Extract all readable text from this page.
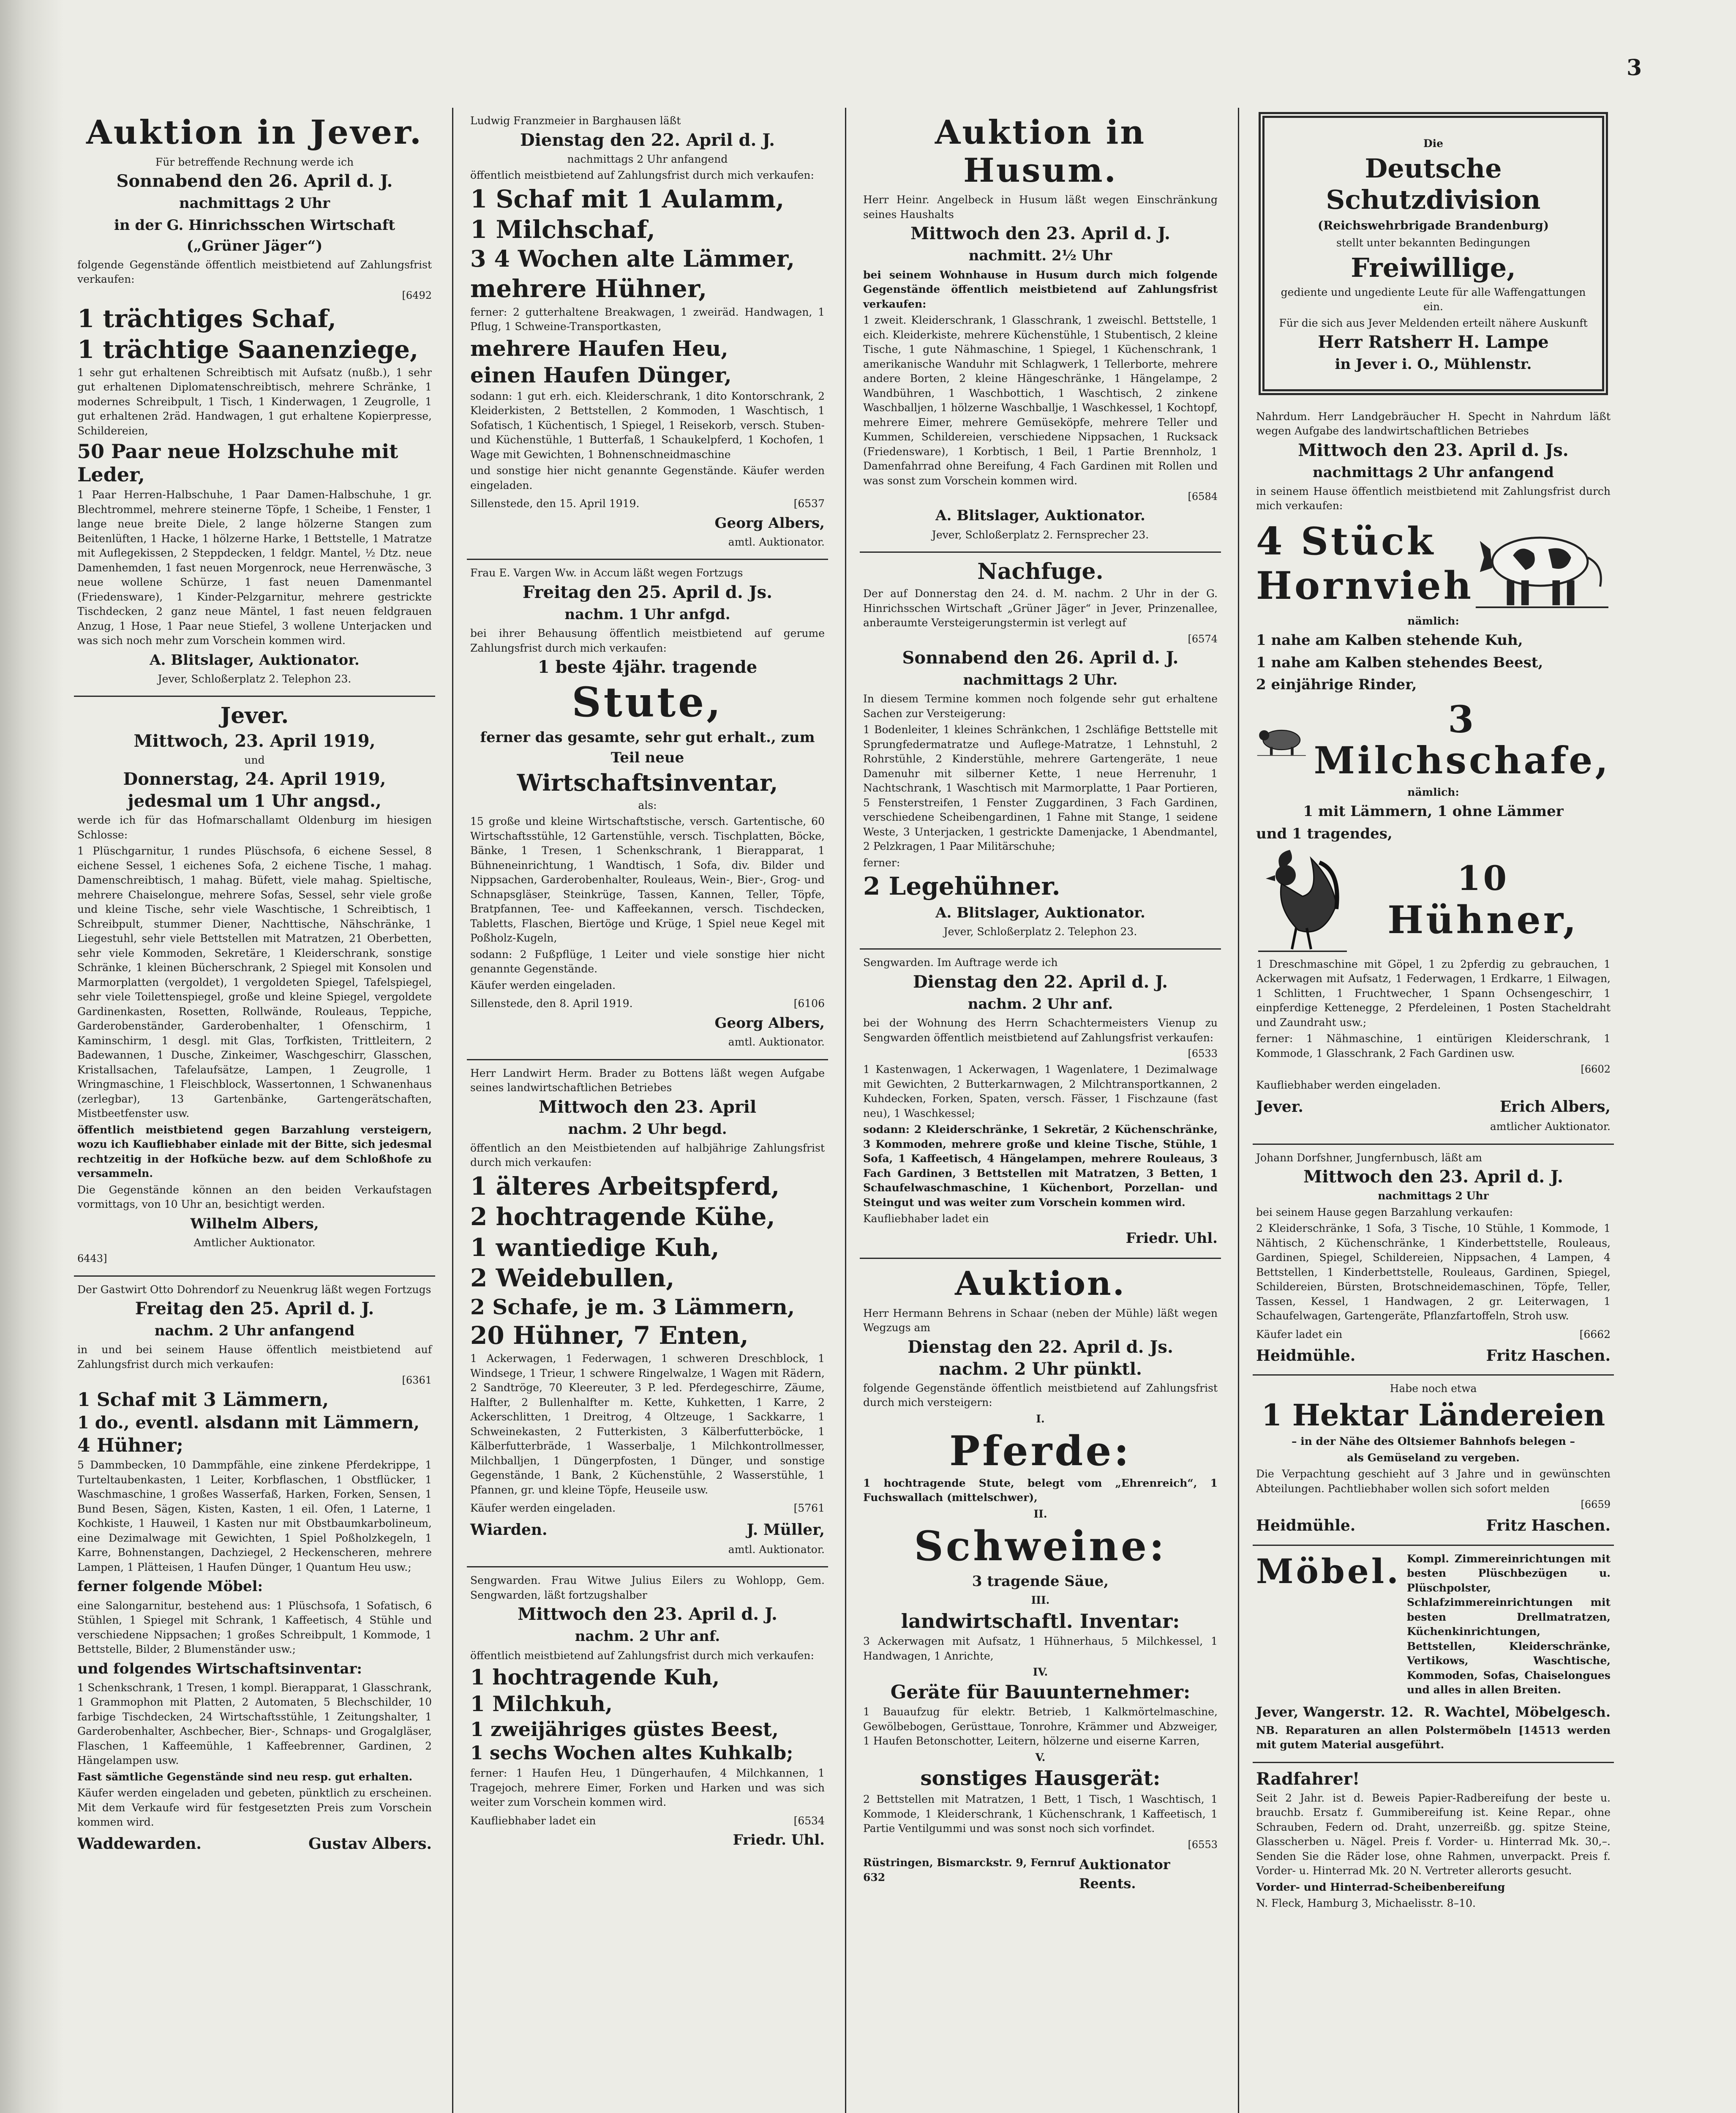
3
Auktion in Jever.
Für betreffende Rechnung werde ich
Sonnabend den 26. April d. J.
nachmittags 2 Uhr
in der G. Hinrichsschen Wirtschaft („Grüner Jäger“)
folgende Gegenstände öffentlich meistbietend auf Zahlungsfrist verkaufen:
[6492
1 trächtiges Schaf,
1 trächtige Saanenziege,
1 sehr gut erhaltenen Schreibtisch mit Aufsatz (nußb.), 1 sehr gut erhaltenen Diplomatenschreibtisch, mehrere Schränke, 1 modernes Schreibpult, 1 Tisch, 1 Kinderwagen, 1 Zeugrolle, 1 gut erhaltenen 2räd. Handwagen, 1 gut erhaltene Kopierpresse, Schildereien,
50 Paar neue Holzschuhe mit Leder,
1 Paar Herren-Halbschuhe, 1 Paar Damen-Halbschuhe, 1 gr. Blechtrommel, mehrere steinerne Töpfe, 1 Scheibe, 1 Fenster, 1 lange neue breite Diele, 2 lange hölzerne Stangen zum Beitenlüften, 1 Hacke, 1 hölzerne Harke, 1 Bettstelle, 1 Matratze mit Auflegekissen, 2 Steppdecken, 1 feldgr. Mantel, ½ Dtz. neue Damenhemden, 1 fast neuen Morgenrock, neue Herrenwäsche, 3 neue wollene Schürze, 1 fast neuen Damenmantel (Friedensware), 1 Kinder-Pelzgarnitur, mehrere gestrickte Tischdecken, 2 ganz neue Mäntel, 1 fast neuen feldgrauen Anzug, 1 Hose, 1 Paar neue Stiefel, 3 wollene Unterjacken und was sich noch mehr zum Vorschein kommen wird.
A. Blitslager, Auktionator.
Jever, Schloßerplatz 2. Telephon 23.
Jever.
Mittwoch, 23. April 1919,
und
Donnerstag, 24. April 1919,
jedesmal um 1 Uhr angsd.,
werde ich für das Hofmarschallamt Oldenburg im hiesigen Schlosse:
1 Plüschgarnitur, 1 rundes Plüschsofa, 6 eichene Sessel, 8 eichene Sessel, 1 eichenes Sofa, 2 eichene Tische, 1 mahag. Damenschreibtisch, 1 mahag. Büfett, viele mahag. Spieltische, mehrere Chaiselongue, mehrere Sofas, Sessel, sehr viele große und kleine Tische, sehr viele Waschtische, 1 Schreibtisch, 1 Schreibpult, stummer Diener, Nachttische, Nähschränke, 1 Liegestuhl, sehr viele Bettstellen mit Matratzen, 21 Oberbetten, sehr viele Kommoden, Sekretäre, 1 Kleiderschrank, sonstige Schränke, 1 kleinen Bücherschrank, 2 Spiegel mit Konsolen und Marmorplatten (vergoldet), 1 vergoldeten Spiegel, Tafelspiegel, sehr viele Toilettenspiegel, große und kleine Spiegel, vergoldete Gardinenkasten, Rosetten, Rollwände, Rouleaus, Teppiche, Garderobenständer, Garderobenhalter, 1 Ofenschirm, 1 Kaminschirm, 1 desgl. mit Glas, Torfkisten, Trittleitern, 2 Badewannen, 1 Dusche, Zinkeimer, Waschgeschirr, Glasschen, Kristallsachen, Tafelaufsätze, Lampen, 1 Zeugrolle, 1 Wringmaschine, 1 Fleischblock, Wassertonnen, 1 Schwanenhaus (zerlegbar), 13 Gartenbänke, Gartengerätschaften, Mistbeetfenster usw.
öffentlich meistbietend gegen Barzahlung versteigern, wozu ich Kaufliebhaber einlade mit der Bitte, sich jedesmal rechtzeitig in der Hofküche bezw. auf dem Schloßhofe zu versammeln.
Die Gegenstände können an den beiden Verkaufstagen vormittags, von 10 Uhr an, besichtigt werden.
Wilhelm Albers,
Amtlicher Auktionator.
6443]
Der Gastwirt Otto Dohrendorf zu Neuenkrug läßt wegen Fortzugs
Freitag den 25. April d. J.
nachm. 2 Uhr anfangend
in und bei seinem Hause öffentlich meistbietend auf Zahlungsfrist durch mich verkaufen:
[6361
1 Schaf mit 3 Lämmern,
1 do., eventl. alsdann mit Lämmern,
4 Hühner;
5 Dammbecken, 10 Dammpfähle, eine zinkene Pferdekrippe, 1 Turteltaubenkasten, 1 Leiter, Korbflaschen, 1 Obstflücker, 1 Waschmaschine, 1 großes Wasserfaß, Harken, Forken, Sensen, 1 Bund Besen, Sägen, Kisten, Kasten, 1 eil. Ofen, 1 Laterne, 1 Kochkiste, 1 Hauweil, 1 Kasten nur mit Obstbaumkarbolineum, eine Dezimalwage mit Gewichten, 1 Spiel Poßholzkegeln, 1 Karre, Bohnenstangen, Dachziegel, 2 Heckenscheren, mehrere Lampen, 1 Plätteisen, 1 Haufen Dünger, 1 Quantum Heu usw.;
ferner folgende Möbel:
eine Salongarnitur, bestehend aus: 1 Plüschsofa, 1 Sofatisch, 6 Stühlen, 1 Spiegel mit Schrank, 1 Kaffeetisch, 4 Stühle und verschiedene Nippsachen; 1 großes Schreibpult, 1 Kommode, 1 Bettstelle, Bilder, 2 Blumenständer usw.;
und folgendes Wirtschaftsinventar:
1 Schenkschrank, 1 Tresen, 1 kompl. Bierapparat, 1 Glasschrank, 1 Grammophon mit Platten, 2 Automaten, 5 Blechschilder, 10 farbige Tischdecken, 24 Wirtschaftsstühle, 1 Zeitungshalter, 1 Garderobenhalter, Aschbecher, Bier-, Schnaps- und Grogalgläser, Flaschen, 1 Kaffeemühle, 1 Kaffeebrenner, Gardinen, 2 Hängelampen usw.
Fast sämtliche Gegenstände sind neu resp. gut erhalten.
Käufer werden eingeladen und gebeten, pünktlich zu erscheinen. Mit dem Verkaufe wird für festgesetzten Preis zum Vorschein kommen wird.
Waddewarden.	Gustav Albers.
Ludwig Franzmeier in Barghausen läßt
Dienstag den 22. April d. J.
nachmittags 2 Uhr anfangend
öffentlich meistbietend auf Zahlungsfrist durch mich verkaufen:
1 Schaf mit 1 Aulamm,
1 Milchschaf,
3 4 Wochen alte Lämmer,
mehrere Hühner,
ferner: 2 gutterhaltene Breakwagen, 1 zweiräd. Handwagen, 1 Pflug, 1 Schweine-Transportkasten,
mehrere Haufen Heu,
einen Haufen Dünger,
sodann: 1 gut erh. eich. Kleiderschrank, 1 dito Kontorschrank, 2 Kleiderkisten, 2 Bettstellen, 2 Kommoden, 1 Waschtisch, 1 Sofatisch, 1 Küchentisch, 1 Spiegel, 1 Reisekorb, versch. Stuben- und Küchenstühle, 1 Butterfaß, 1 Schaukelpferd, 1 Kochofen, 1 Wage mit Gewichten, 1 Bohnenschneidmaschine
und sonstige hier nicht genannte Gegenstände. Käufer werden eingeladen.
Sillenstede, den 15. April 1919.	[6537
Georg Albers,
amtl. Auktionator.
Frau E. Vargen Ww. in Accum läßt wegen Fortzugs
Freitag den 25. April d. Js.
nachm. 1 Uhr anfgd.
bei ihrer Behausung öffentlich meistbietend auf gerume Zahlungsfrist durch mich verkaufen:
1 beste 4jähr. tragende
Stute,
ferner das gesamte, sehr gut erhalt., zum Teil neue
Wirtschaftsinventar,
als:
15 große und kleine Wirtschaftstische, versch. Gartentische, 60 Wirtschaftsstühle, 12 Gartenstühle, versch. Tischplatten, Böcke, Bänke, 1 Tresen, 1 Schenkschrank, 1 Bierapparat, 1 Bühneneinrichtung, 1 Wandtisch, 1 Sofa, div. Bilder und Nippsachen, Garderobenhalter, Rouleaus, Wein-, Bier-, Grog- und Schnapsgläser, Steinkrüge, Tassen, Kannen, Teller, Töpfe, Bratpfannen, Tee- und Kaffeekannen, versch. Tischdecken, Tabletts, Flaschen, Biertöge und Krüge, 1 Spiel neue Kegel mit Poßholz-Kugeln,
sodann: 2 Fußpflüge, 1 Leiter und viele sonstige hier nicht genannte Gegenstände.
Käufer werden eingeladen.
Sillenstede, den 8. April 1919.	[6106
Georg Albers,
amtl. Auktionator.
Herr Landwirt Herm. Brader zu Bottens läßt wegen Aufgabe seines landwirtschaftlichen Betriebes
Mittwoch den 23. April
nachm. 2 Uhr begd.
öffentlich an den Meistbietenden auf halbjährige Zahlungsfrist durch mich verkaufen:
1 älteres Arbeitspferd,
2 hochtragende Kühe,
1 wantiedige Kuh,
2 Weidebullen,
2 Schafe, je m. 3 Lämmern,
20 Hühner, 7 Enten,
1 Ackerwagen, 1 Federwagen, 1 schweren Dreschblock, 1 Windsege, 1 Trieur, 1 schwere Ringelwalze, 1 Wagen mit Rädern, 2 Sandtröge, 70 Kleereuter, 3 P. led. Pferdegeschirre, Zäume, Halfter, 2 Bullenhalfter m. Kette, Kuhketten, 1 Karre, 2 Ackerschlitten, 1 Dreitrog, 4 Oltzeuge, 1 Sackkarre, 1 Schweinekasten, 2 Futterkisten, 3 Kälberfutterböcke, 1 Kälberfutterbräde, 1 Wasserbalje, 1 Milchkontrollmesser, Milchballjen, 1 Düngerpfosten, 1 Dünger, und sonstige Gegenstände, 1 Bank, 2 Küchenstühle, 2 Wasserstühle, 1 Pfannen, gr. und kleine Töpfe, Heuseile usw.
Käufer werden eingeladen.	[5761
Wiarden.	J. Müller,
amtl. Auktionator.
Sengwarden. Frau Witwe Julius Eilers zu Wohlopp, Gem. Sengwarden, läßt fortzugshalber
Mittwoch den 23. April d. J.
nachm. 2 Uhr anf.
öffentlich meistbietend auf Zahlungsfrist durch mich verkaufen:
1 hochtragende Kuh,
1 Milchkuh,
1 zweijähriges güstes Beest,
1 sechs Wochen altes Kuhkalb;
ferner: 1 Haufen Heu, 1 Düngerhaufen, 4 Milchkannen, 1 Tragejoch, mehrere Eimer, Forken und Harken und was sich weiter zum Vorschein kommen wird.
Kaufliebhaber ladet ein	[6534
Friedr. Uhl.
Auktion in Husum.
Herr Heinr. Angelbeck in Husum läßt wegen Einschränkung seines Haushalts
Mittwoch den 23. April d. J.
nachmitt. 2½ Uhr
bei seinem Wohnhause in Husum durch mich folgende Gegenstände öffentlich meistbietend auf Zahlungsfrist verkaufen:
1 zweit. Kleiderschrank, 1 Glasschrank, 1 zweischl. Bettstelle, 1 eich. Kleiderkiste, mehrere Küchenstühle, 1 Stubentisch, 2 kleine Tische, 1 gute Nähmaschine, 1 Spiegel, 1 Küchenschrank, 1 amerikanische Wanduhr mit Schlagwerk, 1 Tellerborte, mehrere andere Borten, 2 kleine Hängeschränke, 1 Hängelampe, 2 Wandbühren, 1 Waschbottich, 1 Waschtisch, 2 zinkene Waschballjen, 1 hölzerne Waschballje, 1 Waschkessel, 1 Kochtopf, mehrere Eimer, mehrere Gemüseköpfe, mehrere Teller und Kummen, Schildereien, verschiedene Nippsachen, 1 Rucksack (Friedensware), 1 Korbtisch, 1 Beil, 1 Partie Brennholz, 1 Damenfahrrad ohne Bereifung, 4 Fach Gardinen mit Rollen und was sonst zum Vorschein kommen wird.
[6584
A. Blitslager, Auktionator.
Jever, Schloßerplatz 2. Fernsprecher 23.
Nachfuge.
Der auf Donnerstag den 24. d. M. nachm. 2 Uhr in der G. Hinrichsschen Wirtschaft „Grüner Jäger“ in Jever, Prinzenallee, anberaumte Versteigerungstermin ist verlegt auf
[6574
Sonnabend den 26. April d. J.
nachmittags 2 Uhr.
In diesem Termine kommen noch folgende sehr gut erhaltene Sachen zur Versteigerung:
1 Bodenleiter, 1 kleines Schränkchen, 1 2schläfige Bettstelle mit Sprungfedermatratze und Auflege-Matratze, 1 Lehnstuhl, 2 Rohrstühle, 2 Kinderstühle, mehrere Gartengeräte, 1 neue Damenuhr mit silberner Kette, 1 neue Herrenuhr, 1 Nachtschrank, 1 Waschtisch mit Marmorplatte, 1 Paar Portieren, 5 Fensterstreifen, 1 Fenster Zuggardinen, 3 Fach Gardinen, verschiedene Scheibengardinen, 1 Fahne mit Stange, 1 seidene Weste, 3 Unterjacken, 1 gestrickte Damenjacke, 1 Abendmantel, 2 Pelzkragen, 1 Paar Militärschuhe;
ferner:
2 Legehühner.
A. Blitslager, Auktionator.
Jever, Schloßerplatz 2. Telephon 23.
Sengwarden. Im Auftrage werde ich
Dienstag den 22. April d. J.
nachm. 2 Uhr anf.
bei der Wohnung des Herrn Schachtermeisters Vienup zu Sengwarden öffentlich meistbietend auf Zahlungsfrist verkaufen:
[6533
1 Kastenwagen, 1 Ackerwagen, 1 Wagenlatere, 1 Dezimalwage mit Gewichten, 2 Butterkarnwagen, 2 Milchtransportkannen, 2 Kuhdecken, Forken, Spaten, versch. Fässer, 1 Fischzaune (fast neu), 1 Waschkessel;
sodann: 2 Kleiderschränke, 1 Sekretär, 2 Küchenschränke, 3 Kommoden, mehrere große und kleine Tische, Stühle, 1 Sofa, 1 Kaffeetisch, 4 Hängelampen, mehrere Rouleaus, 3 Fach Gardinen, 3 Bettstellen mit Matratzen, 3 Betten, 1 Schaufelwaschmaschine, 1 Küchenbort, Porzellan- und Steingut und was weiter zum Vorschein kommen wird.
Kaufliebhaber ladet ein
Friedr. Uhl.
Auktion.
Herr Hermann Behrens in Schaar (neben der Mühle) läßt wegen Wegzugs am
Dienstag den 22. April d. Js.
nachm. 2 Uhr pünktl.
folgende Gegenstände öffentlich meistbietend auf Zahlungsfrist durch mich versteigern:
I.
Pferde:
1 hochtragende Stute, belegt vom „Ehrenreich“, 1 Fuchswallach (mittelschwer),
II.
Schweine:
3 tragende Säue,
III.
landwirtschaftl. Inventar:
3 Ackerwagen mit Aufsatz, 1 Hühnerhaus, 5 Milchkessel, 1 Handwagen, 1 Anrichte,
IV.
Geräte für Bauunternehmer:
1 Bauaufzug für elektr. Betrieb, 1 Kalkmörtelmaschine, Gewölbebogen, Gerüsttaue, Tonrohre, Krämmer und Abzweiger, 1 Haufen Betonschotter, Leitern, hölzerne und eiserne Karren,
V.
sonstiges Hausgerät:
2 Bettstellen mit Matratzen, 1 Bett, 1 Tisch, 1 Waschtisch, 1 Kommode, 1 Kleiderschrank, 1 Küchenschrank, 1 Kaffeetisch, 1 Partie Ventilgummi und was sonst noch sich vorfindet.
[6553
Rüstringen, Bismarckstr. 9, Fernruf 632
Auktionator Reents.
Die
Deutsche Schutzdivision
(Reichswehrbrigade Brandenburg)
stellt unter bekannten Bedingungen
Freiwillige,
gediente und ungediente Leute für alle Waffengattungen ein.
Für die sich aus Jever Meldenden erteilt nähere Auskunft
Herr Ratsherr H. Lampe
in Jever i. O., Mühlenstr.
Nahrdum. Herr Landgebräucher H. Specht in Nahrdum läßt wegen Aufgabe des landwirtschaftlichen Betriebes
Mittwoch den 23. April d. Js.
nachmittags 2 Uhr anfangend
in seinem Hause öffentlich meistbietend mit Zahlungsfrist durch mich verkaufen:
4 Stück
Hornvieh
nämlich:
1 nahe am Kalben stehende Kuh,
1 nahe am Kalben stehendes Beest,
2 einjährige Rinder,
3 Milchschafe,
nämlich:
1 mit Lämmern, 1 ohne Lämmer
und 1 tragendes,
10
Hühner,
1 Dreschmaschine mit Göpel, 1 zu 2pferdig zu gebrauchen, 1 Ackerwagen mit Aufsatz, 1 Federwagen, 1 Erdkarre, 1 Eilwagen, 1 Schlitten, 1 Fruchtwecher, 1 Spann Ochsengeschirr, 1 einpferdige Kettenegge, 2 Pferdeleinen, 1 Posten Stacheldraht und Zaundraht usw.;
ferner: 1 Nähmaschine, 1 eintürigen Kleiderschrank, 1 Kommode, 1 Glasschrank, 2 Fach Gardinen usw.
[6602
Kaufliebhaber werden eingeladen.
Jever.	Erich Albers,
amtlicher Auktionator.
Johann Dorfshner, Jungfernbusch, läßt am
Mittwoch den 23. April d. J.
nachmittags 2 Uhr
bei seinem Hause gegen Barzahlung verkaufen:
2 Kleiderschränke, 1 Sofa, 3 Tische, 10 Stühle, 1 Kommode, 1 Nähtisch, 2 Küchenschränke, 1 Kinderbettstelle, Rouleaus, Gardinen, Spiegel, Schildereien, Nippsachen, 4 Lampen, 4 Bettstellen, 1 Kinderbettstelle, Rouleaus, Gardinen, Spiegel, Schildereien, Bürsten, Brotschneidemaschinen, Töpfe, Teller, Tassen, Kessel, 1 Handwagen, 2 gr. Leiterwagen, 1 Schaufelwagen, Gartengeräte, Pflanzfartoffeln, Stroh usw.
Käufer ladet ein	[6662
Heidmühle.	Fritz Haschen.
Habe noch etwa
1 Hektar Ländereien
– in der Nähe des Oltsiemer Bahnhofs belegen –
als Gemüseland zu vergeben.
Die Verpachtung geschieht auf 3 Jahre und in gewünschten Abteilungen. Pachtliebhaber wollen sich sofort melden
[6659
Heidmühle.	Fritz Haschen.
Möbel. Kompl. Zimmereinrichtungen mit besten Plüschbezügen u. Plüschpolster, Schlafzimmereinrichtungen mit besten Drellmatratzen, Küchenkinrichtungen, Bettstellen, Kleiderschränke, Vertikows, Waschtische, Kommoden, Sofas, Chaiselongues und alles in allen Breiten.
Jever, Wangerstr. 12. R. Wachtel, Möbelgesch.
NB. Reparaturen an allen Polstermöbeln [14513 werden mit gutem Material ausgeführt.
Radfahrer!
Seit 2 Jahr. ist d. Beweis Papier-Radbereifung der beste u. brauchb. Ersatz f. Gummibereifung ist. Keine Repar., ohne Schrauben, Federn od. Draht, unzerreißb. gg. spitze Steine, Glasscherben u. Nägel. Preis f. Vorder- u. Hinterrad Mk. 30,–. Senden Sie die Räder lose, ohne Rahmen, unverpackt. Preis f. Vorder- u. Hinterrad Mk. 20 N. Vertreter allerorts gesucht.
Vorder- und Hinterrad-Scheibenbereifung
N. Fleck, Hamburg 3, Michaelisstr. 8–10.
